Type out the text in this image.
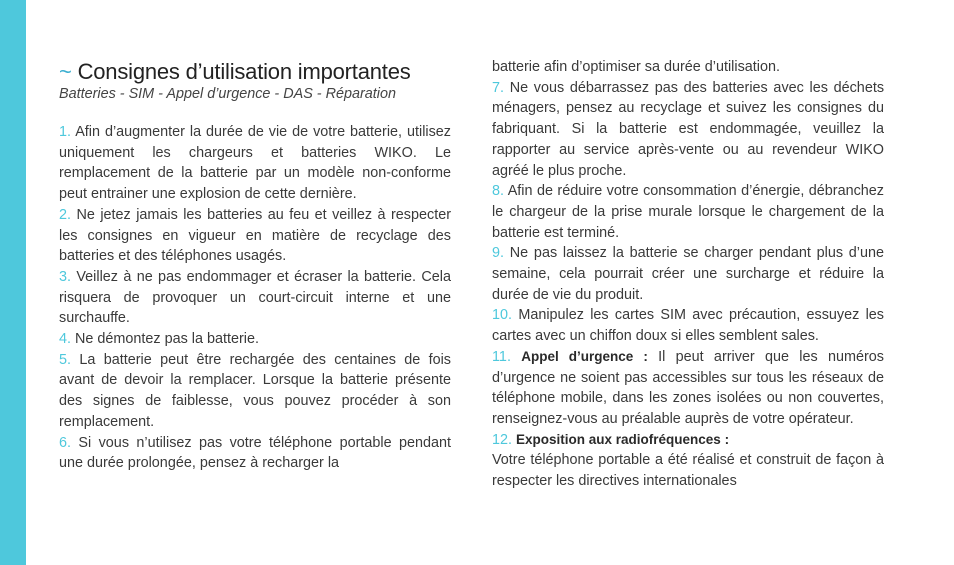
~ Consignes d’utilisation importantes
Batteries - SIM - Appel d’urgence - DAS - Réparation

1. Afin d’augmenter la durée de vie de votre batterie, utilisez uniquement les chargeurs et batteries WIKO. Le remplacement de la batterie par un modèle non-conforme peut entrainer une explosion de cette dernière.

2. Ne jetez jamais les batteries au feu et veillez à respecter les consignes en vigueur en matière de recyclage des batteries et des téléphones usagés.

3. Veillez à ne pas endommager et écraser la batterie. Cela risquera de provoquer un court-circuit interne et une surchauffe.

4. Ne démontez pas la batterie.

5. La batterie peut être rechargée des centaines de fois avant de devoir la remplacer. Lorsque la batterie présente des signes de faiblesse, vous pouvez procéder à son remplacement.

6. Si vous n’utilisez pas votre téléphone portable pendant une durée prolongée, pensez à recharger la

batterie afin d’optimiser sa durée d’utilisation.

7. Ne vous débarrassez pas des batteries avec les déchets ménagers, pensez au recyclage et suivez les consignes du fabriquant. Si la batterie est endommagée, veuillez la rapporter au service après-vente ou au revendeur WIKO agréé le plus proche.

8. Afin de réduire votre consommation d’énergie, débranchez le chargeur de la prise murale lorsque le chargement de la batterie est terminé.

9. Ne pas laissez la batterie se charger pendant plus d’une semaine, cela pourrait créer une surcharge et réduire la durée de vie du produit.

10. Manipulez les cartes SIM avec précaution, essuyez les cartes avec un chiffon doux si elles semblent sales.

11. Appel d’urgence : Il peut arriver que les numéros d’urgence ne soient pas accessibles sur tous les réseaux de téléphone mobile, dans les zones isolées ou non couvertes, renseignez-vous au préalable auprès de votre opérateur.

12. Exposition aux radiofréquences :

Votre téléphone portable a été réalisé et construit de façon à respecter les directives internationales
